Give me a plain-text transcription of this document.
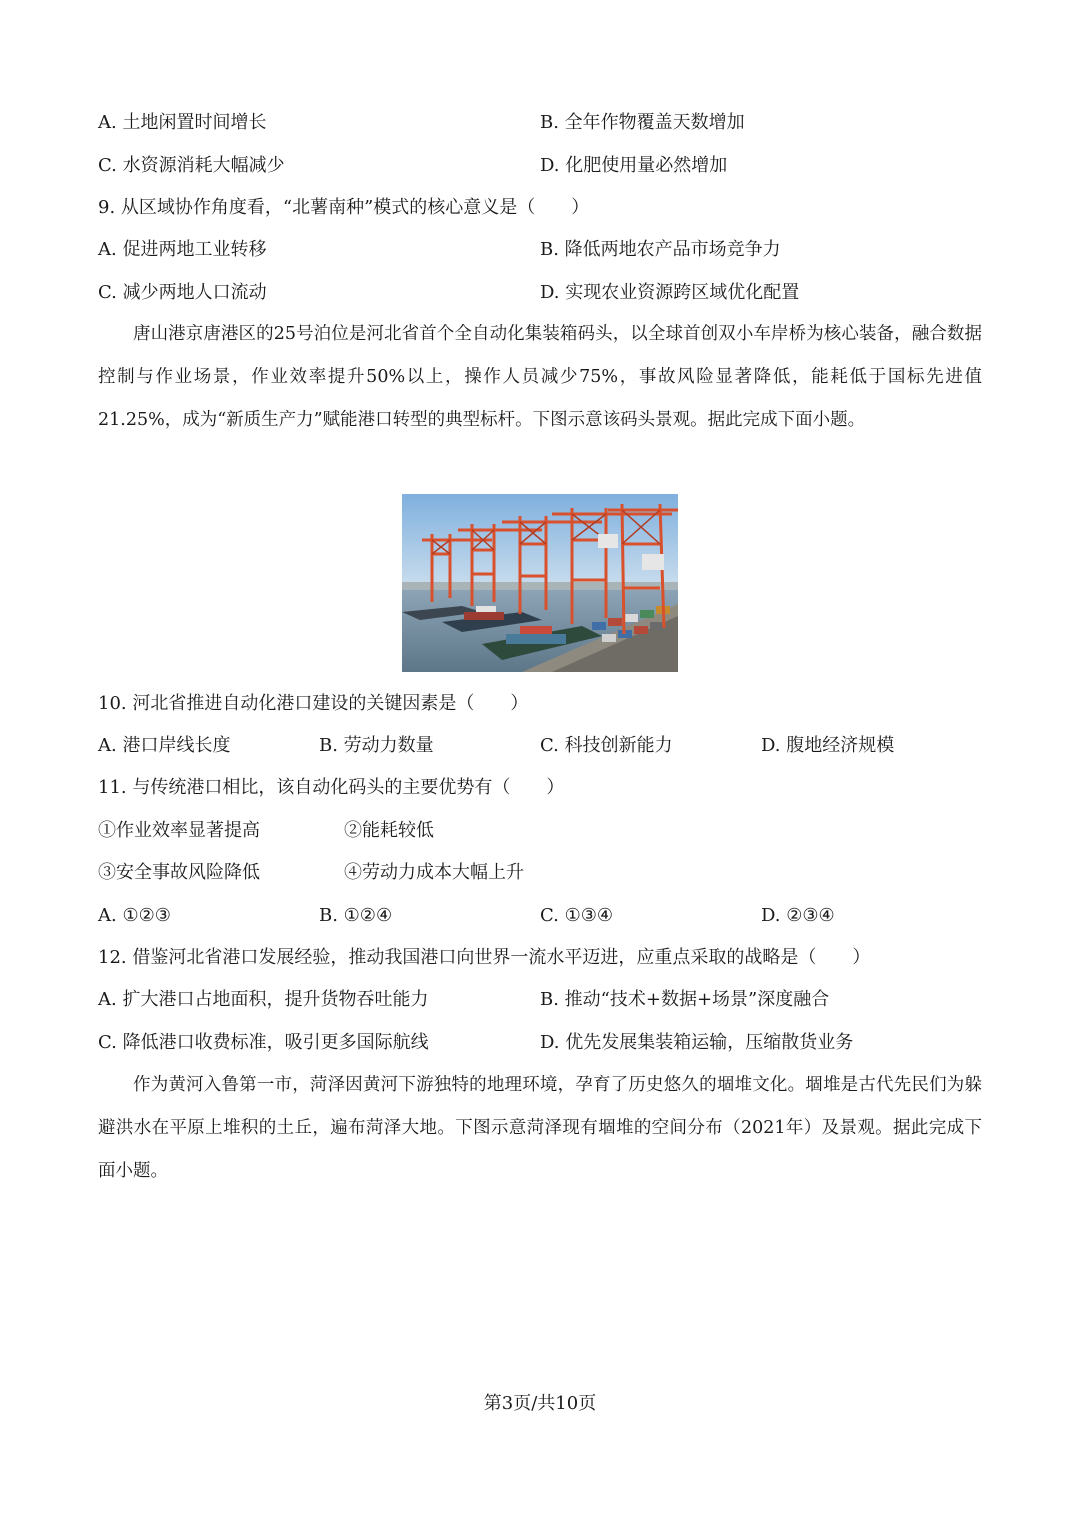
A. 土地闲置时间增长	B. 全年作物覆盖天数增加
C. 水资源消耗大幅减少	D. 化肥使用量必然增加
9. 从区域协作角度看，“北薯南种”模式的核心意义是（　　）
A. 促进两地工业转移	B. 降低两地农产品市场竞争力
C. 减少两地人口流动	D. 实现农业资源跨区域优化配置
唐山港京唐港区的25号泊位是河北省首个全自动化集装箱码头，以全球首创双小车岸桥为核心装备，融合数据控制与作业场景，作业效率提升50%以上，操作人员减少75%，事故风险显著降低，能耗低于国标先进值21.25%，成为“新质生产力”赋能港口转型的典型标杆。下图示意该码头景观。据此完成下面小题。
10. 河北省推进自动化港口建设的关键因素是（　　）
A. 港口岸线长度	B. 劳动力数量	C. 科技创新能力	D. 腹地经济规模
11. 与传统港口相比，该自动化码头的主要优势有（　　）
①作业效率显著提高	②能耗较低
③安全事故风险降低	④劳动力成本大幅上升
A. ①②③	B. ①②④	C. ①③④	D. ②③④
12. 借鉴河北省港口发展经验，推动我国港口向世界一流水平迈进，应重点采取的战略是（　　）
A. 扩大港口占地面积，提升货物吞吐能力	B. 推动“技术+数据+场景”深度融合
C. 降低港口收费标准，吸引更多国际航线	D. 优先发展集装箱运输，压缩散货业务
作为黄河入鲁第一市，菏泽因黄河下游独特的地理环境，孕育了历史悠久的堌堆文化。堌堆是古代先民们为躲避洪水在平原上堆积的土丘，遍布菏泽大地。下图示意菏泽现有堌堆的空间分布（2021年）及景观。据此完成下面小题。
第3页/共10页
